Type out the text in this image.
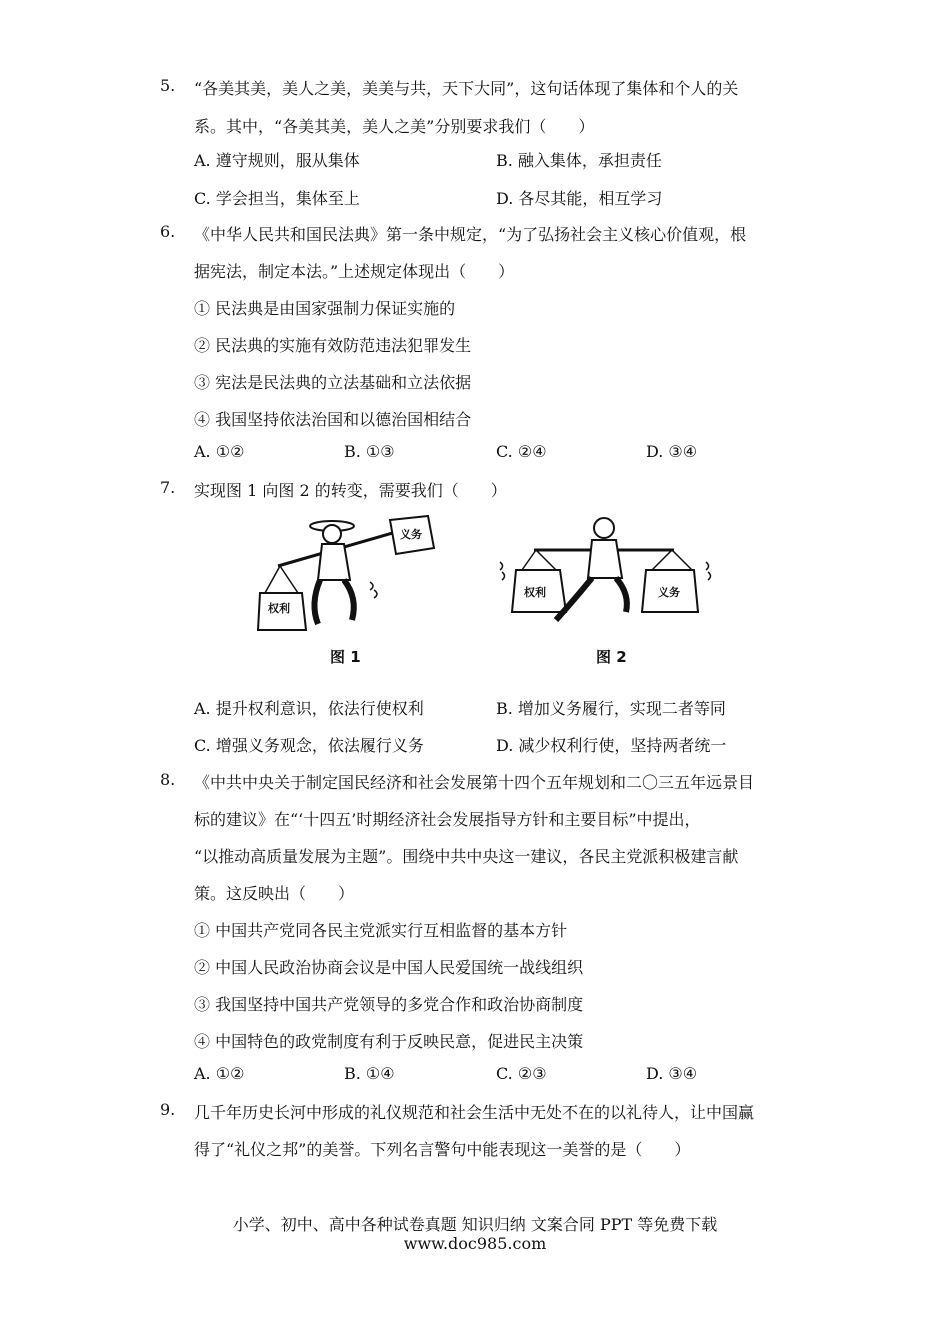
5. “各美其美，美人之美，美美与共，天下大同”，这句话体现了集体和个人的关
系。其中，“各美其美，美人之美”分别要求我们（　　）
A. 遵守规则，服从集体	B. 融入集体，承担责任
C. 学会担当，集体至上	D. 各尽其能，相互学习
6. 《中华人民共和国民法典》第一条中规定，“为了弘扬社会主义核心价值观，根
据宪法，制定本法。”上述规定体现出（　　）
① 民法典是由国家强制力保证实施的
② 民法典的实施有效防范违法犯罪发生
③ 宪法是民法典的立法基础和立法依据
④ 我国坚持依法治国和以德治国相结合
A. ①②	B. ①③	C. ②④	D. ③④
7. 实现图 1 向图 2 的转变，需要我们（　　）
权利
义务
图 1
权利	义务
图 2
A. 提升权利意识，依法行使权利	B. 增加义务履行，实现二者等同
C. 增强义务观念，依法履行义务	D. 减少权利行使，坚持两者统一
8. 《中共中央关于制定国民经济和社会发展第十四个五年规划和二〇三五年远景目
标的建议》在“‘十四五’时期经济社会发展指导方针和主要目标”中提出，
“以推动高质量发展为主题”。围绕中共中央这一建议，各民主党派积极建言献
策。这反映出（　　）
① 中国共产党同各民主党派实行互相监督的基本方针
② 中国人民政治协商会议是中国人民爱国统一战线组织
③ 我国坚持中国共产党领导的多党合作和政治协商制度
④ 中国特色的政党制度有利于反映民意，促进民主决策
A. ①②	B. ①④	C. ②③	D. ③④
9. 几千年历史长河中形成的礼仪规范和社会生活中无处不在的以礼待人，让中国赢
得了“礼仪之邦”的美誉。下列名言警句中能表现这一美誉的是（　　）
小学、初中、高中各种试卷真题 知识归纳 文案合同 PPT 等免费下载
www.doc985.com
